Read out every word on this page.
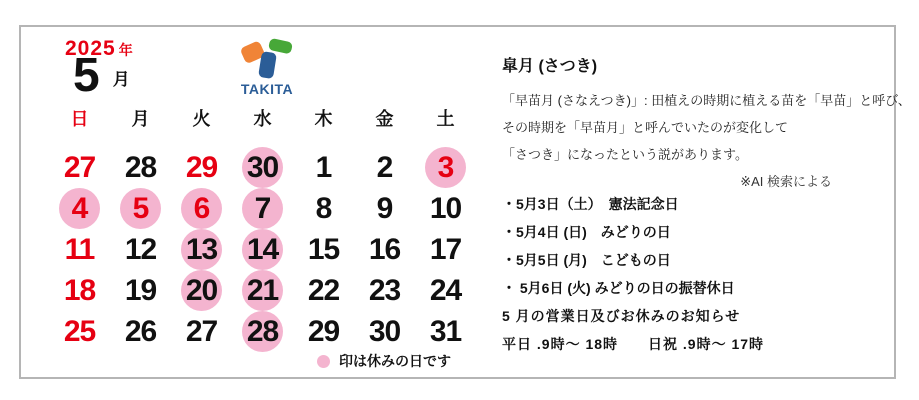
2025 年
5 月	TAKITA
日	月	火	水	木	金	土
27 28 29 30 1 2 3
4 5 6 7 8 9 10
11 12 13 14 15 16 17
18 19 20 21 22 23 24
25 26 27 28 29 30 31
印は休みの日です
皐月 (さつき)
「早苗月 (さなえつき)」: 田植えの時期に植える苗を「早苗」と呼び、
その時期を「早苗月」と呼んでいたのが変化して
「さつき」になったという説があります。
※AI 検索による
・5月3日（土）　憲法記念日
・5月4日 (日)　みどりの日
・5月5日 (月)　こどもの日
・ 5月6日 (火) みどりの日の振替休日
5 月の営業日及びお休みのお知らせ
平日 .9時～ 18時　　日祝 .9時～ 17時
